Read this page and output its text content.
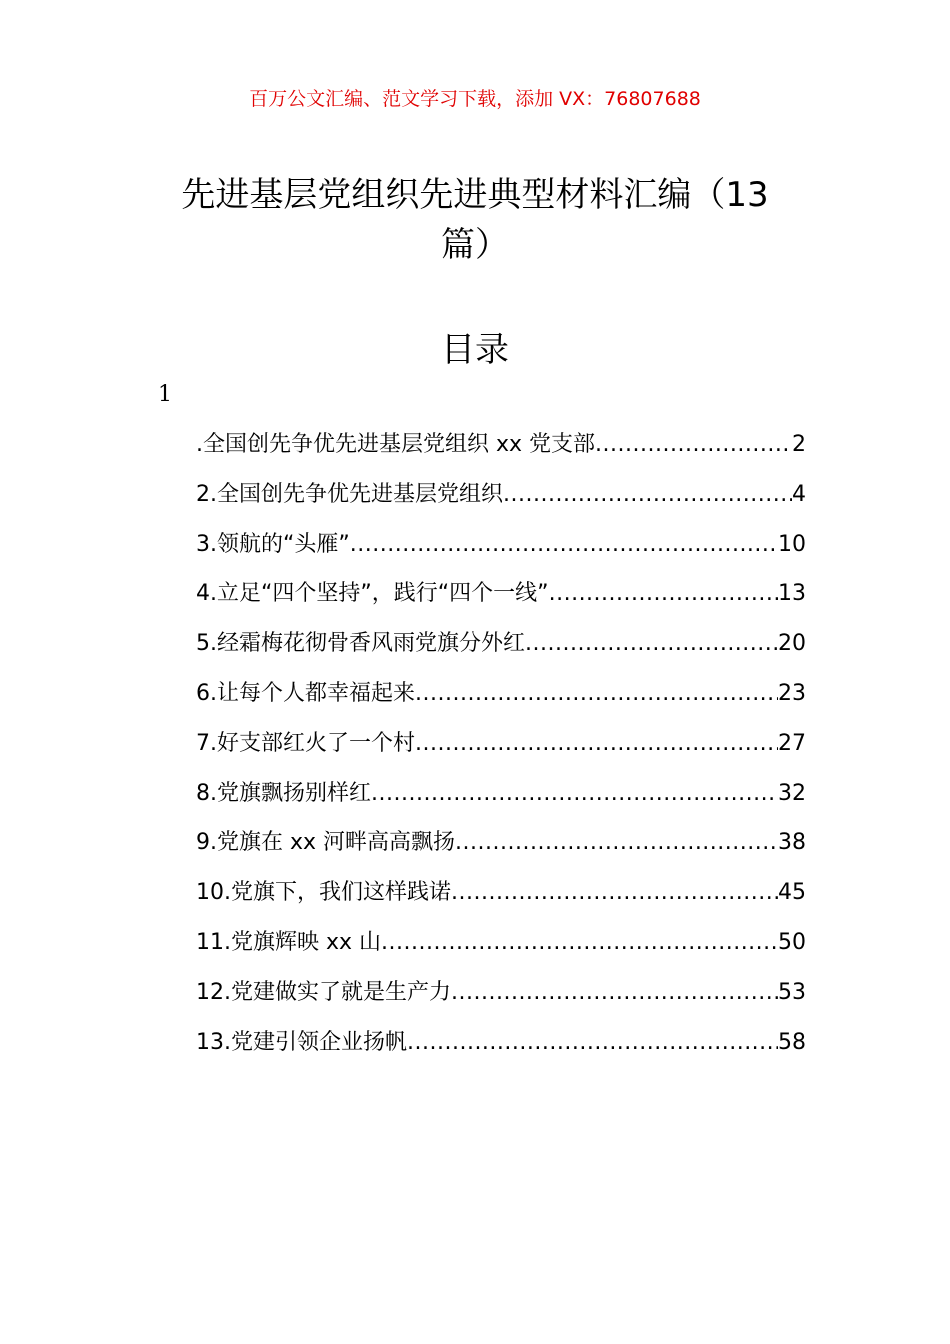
百万公文汇编、范文学习下载，添加 VX：76807688
先进基层党组织先进典型材料汇编（13篇）
目录
1
.全国创先争优先进基层党组织 xx 党支部 .....	2
2.全国创先争优先进基层党组织 .....	4
3.领航的“头雁” .....	10
4.立足“四个坚持”，践行“四个一线” .....	13
5.经霜梅花彻骨香风雨党旗分外红 .....	20
6.让每个人都幸福起来 .....	23
7.好支部红火了一个村 .....	27
8.党旗飘扬别样红 .....	32
9.党旗在 xx 河畔高高飘扬 .....	38
10.党旗下，我们这样践诺 .....	45
11.党旗辉映 xx 山 .....	50
12.党建做实了就是生产力 .....	53
13.党建引领企业扬帆 .....	58
